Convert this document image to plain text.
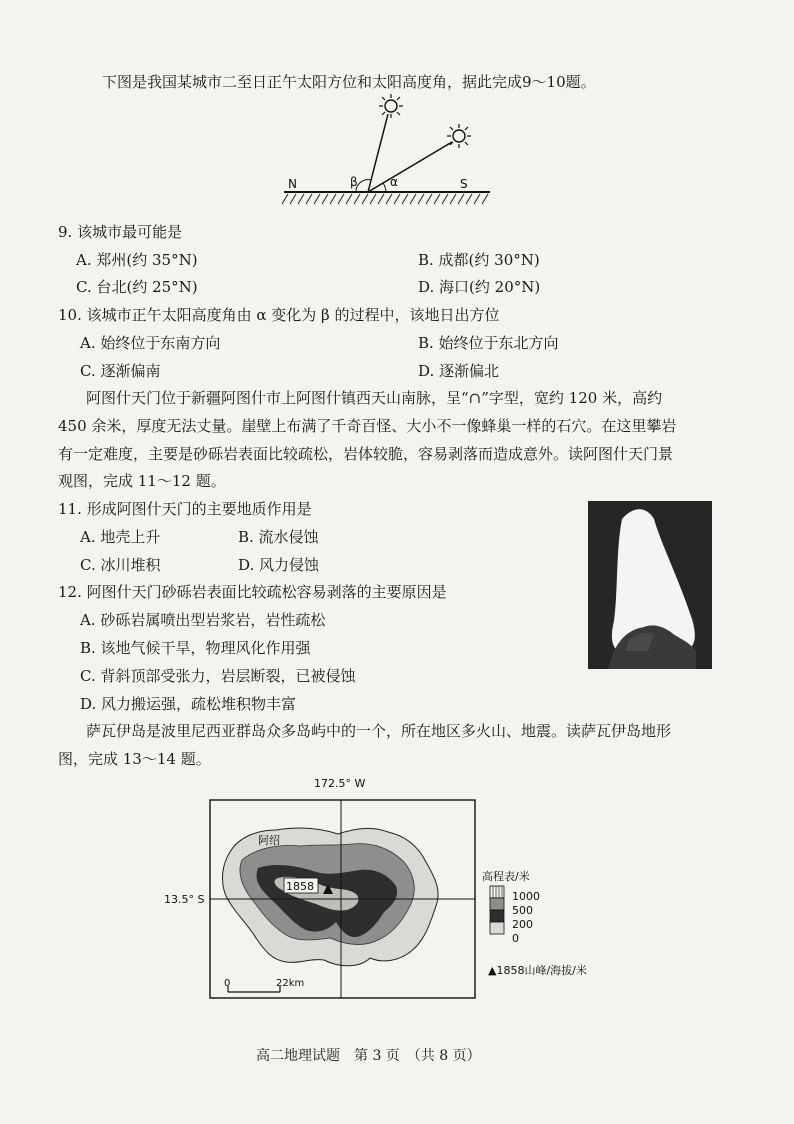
下图是我国某城市二至日正午太阳方位和太阳高度角，据此完成9～10题。
N	β	α	S
9. 该城市最可能是
A. 郑州(约 35°N)	B. 成都(约 30°N)
C. 台北(约 25°N)	D. 海口(约 20°N)
10. 该城市正午太阳高度角由 α 变化为 β 的过程中，该地日出方位
A. 始终位于东南方向	B. 始终位于东北方向
C. 逐渐偏南	D. 逐渐偏北
阿图什天门位于新疆阿图什市上阿图什镇西天山南脉，呈“∩”字型，宽约 120 米，高约
450 余米，厚度无法丈量。崖壁上布满了千奇百怪、大小不一像蜂巢一样的石穴。在这里攀岩
有一定难度，主要是砂砾岩表面比较疏松，岩体较脆，容易剥落而造成意外。读阿图什天门景
观图，完成 11～12 题。
11. 形成阿图什天门的主要地质作用是
A. 地壳上升	B. 流水侵蚀
C. 冰川堆积	D. 风力侵蚀
12. 阿图什天门砂砾岩表面比较疏松容易剥落的主要原因是
A. 砂砾岩属喷出型岩浆岩，岩性疏松
B. 该地气候干旱，物理风化作用强
C. 背斜顶部受张力，岩层断裂，已被侵蚀
D. 风力搬运强，疏松堆积物丰富
萨瓦伊岛是波里尼西亚群岛众多岛屿中的一个，所在地区多火山、地震。读萨瓦伊岛地形
图，完成 13～14 题。
172.5° W
13.5° S
1858
阿绍
0	22km
高程表/米
1000
500
200
0
▲1858山峰/海拔/米
高二地理试题　第 3 页　（共 8 页）
